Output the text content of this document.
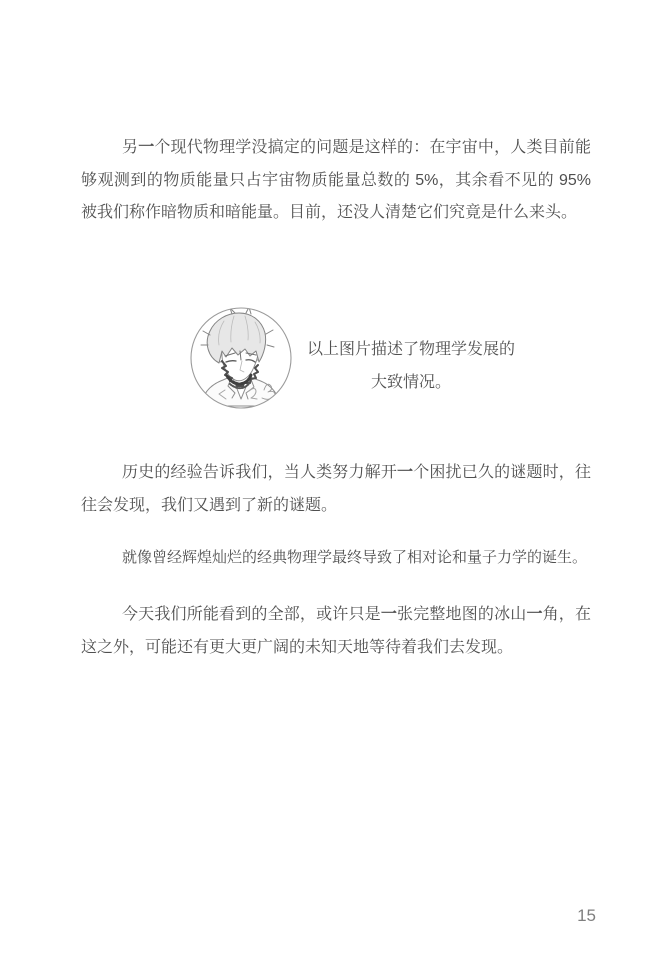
另一个现代物理学没搞定的问题是这样的：在宇宙中，人类目前能够观测到的物质能量只占宇宙物质能量总数的 5%，其余看不见的 95%被我们称作暗物质和暗能量。目前，还没人清楚它们究竟是什么来头。

以上图片描述了物理学发展的大致情况。

历史的经验告诉我们，当人类努力解开一个困扰已久的谜题时，往往会发现，我们又遇到了新的谜题。

就像曾经辉煌灿烂的经典物理学最终导致了相对论和量子力学的诞生。

今天我们所能看到的全部，或许只是一张完整地图的冰山一角，在这之外，可能还有更大更广阔的未知天地等待着我们去发现。

15
